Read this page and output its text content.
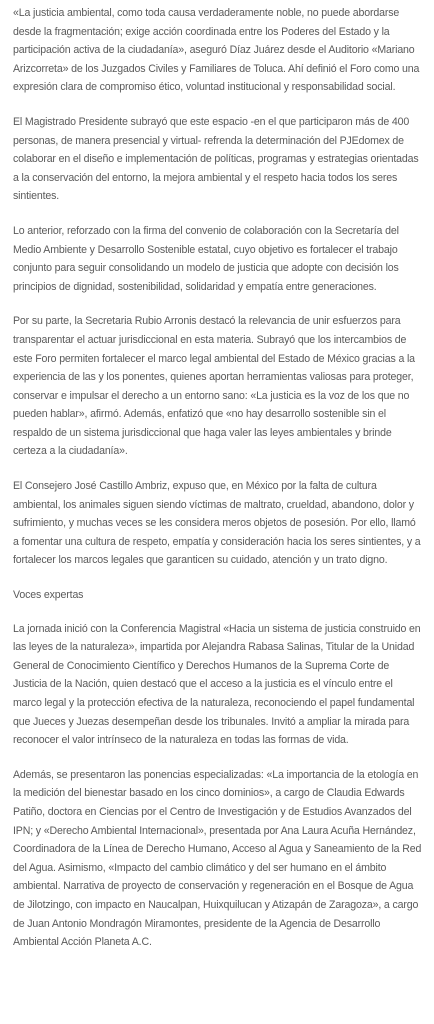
«La justicia ambiental, como toda causa verdaderamente noble, no puede abordarse desde la fragmentación; exige acción coordinada entre los Poderes del Estado y la participación activa de la ciudadanía», aseguró Díaz Juárez desde el Auditorio «Mariano Arizcorreta» de los Juzgados Civiles y Familiares de Toluca. Ahí definió el Foro como una expresión clara de compromiso ético, voluntad institucional y responsabilidad social.

El Magistrado Presidente subrayó que este espacio -en el que participaron más de 400 personas, de manera presencial y virtual- refrenda la determinación del PJEdomex de colaborar en el diseño e implementación de políticas, programas y estrategias orientadas a la conservación del entorno, la mejora ambiental y el respeto hacia todos los seres sintientes.

Lo anterior, reforzado con la firma del convenio de colaboración con la Secretaría del Medio Ambiente y Desarrollo Sostenible estatal, cuyo objetivo es fortalecer el trabajo conjunto para seguir consolidando un modelo de justicia que adopte con decisión los principios de dignidad, sostenibilidad, solidaridad y empatía entre generaciones.

Por su parte, la Secretaria Rubio Arronis destacó la relevancia de unir esfuerzos para transparentar el actuar jurisdiccional en esta materia. Subrayó que los intercambios de este Foro permiten fortalecer el marco legal ambiental del Estado de México gracias a la experiencia de las y los ponentes, quienes aportan herramientas valiosas para proteger, conservar e impulsar el derecho a un entorno sano: «La justicia es la voz de los que no pueden hablar», afirmó. Además, enfatizó que «no hay desarrollo sostenible sin el respaldo de un sistema jurisdiccional que haga valer las leyes ambientales y brinde certeza a la ciudadanía».

El Consejero José Castillo Ambriz, expuso que, en México por la falta de cultura ambiental, los animales siguen siendo víctimas de maltrato, crueldad, abandono, dolor y sufrimiento, y muchas veces se les considera meros objetos de posesión. Por ello, llamó a fomentar una cultura de respeto, empatía y consideración hacia los seres sintientes, y a fortalecer los marcos legales que garanticen su cuidado, atención y un trato digno.

Voces expertas

La jornada inició con la Conferencia Magistral «Hacia un sistema de justicia construido en las leyes de la naturaleza», impartida por Alejandra Rabasa Salinas, Titular de la Unidad General de Conocimiento Científico y Derechos Humanos de la Suprema Corte de Justicia de la Nación, quien destacó que el acceso a la justicia es el vínculo entre el marco legal y la protección efectiva de la naturaleza, reconociendo el papel fundamental que Jueces y Juezas desempeñan desde los tribunales. Invitó a ampliar la mirada para reconocer el valor intrínseco de la naturaleza en todas las formas de vida.

Además, se presentaron las ponencias especializadas: «La importancia de la etología en la medición del bienestar basado en los cinco dominios», a cargo de Claudia Edwards Patiño, doctora en Ciencias por el Centro de Investigación y de Estudios Avanzados del IPN; y «Derecho Ambiental Internacional», presentada por Ana Laura Acuña Hernández, Coordinadora de la Línea de Derecho Humano, Acceso al Agua y Saneamiento de la Red del Agua. Asimismo, «Impacto del cambio climático y del ser humano en el ámbito ambiental. Narrativa de proyecto de conservación y regeneración en el Bosque de Agua de Jilotzingo, con impacto en Naucalpan, Huixquilucan y Atizapán de Zaragoza», a cargo de Juan Antonio Mondragón Miramontes, presidente de la Agencia de Desarrollo Ambiental Acción Planeta A.C.
